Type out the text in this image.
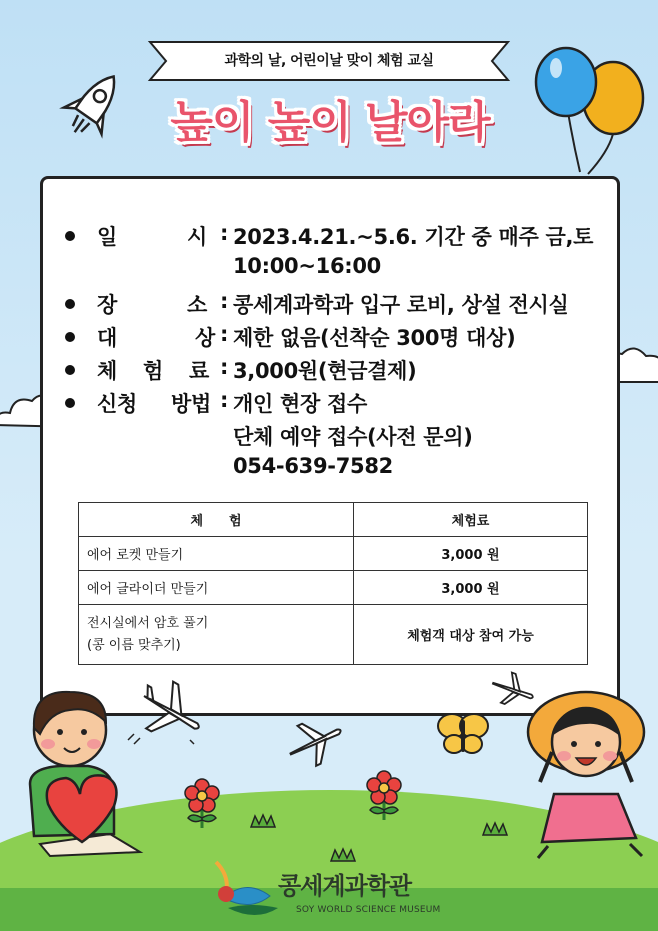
과학의 날, 어린이날 맞이 체험 교실
높이 높이 날아라
일	시 : 2023.4.21.~5.6. 기간 중 매주 금,토
10:00~16:00
장	소 : 콩세계과학과 입구 로비, 상설 전시실
대	상 : 제한 없음(선착순 300명 대상)
체 험 료 : 3,000원(현금결제)
신청 방법 : 개인 현장 접수
단체 예약 접수(사전 문의)
054-639-7582
체　　험	체험료
에어 로켓 만들기	3,000 원
에어 글라이더 만들기	3,000 원

전시실에서 암호 풀기
(콩 이름 맞추기)	체험객 대상 참여 가능
콩세계과학관
SOY WORLD SCIENCE MUSEUM
